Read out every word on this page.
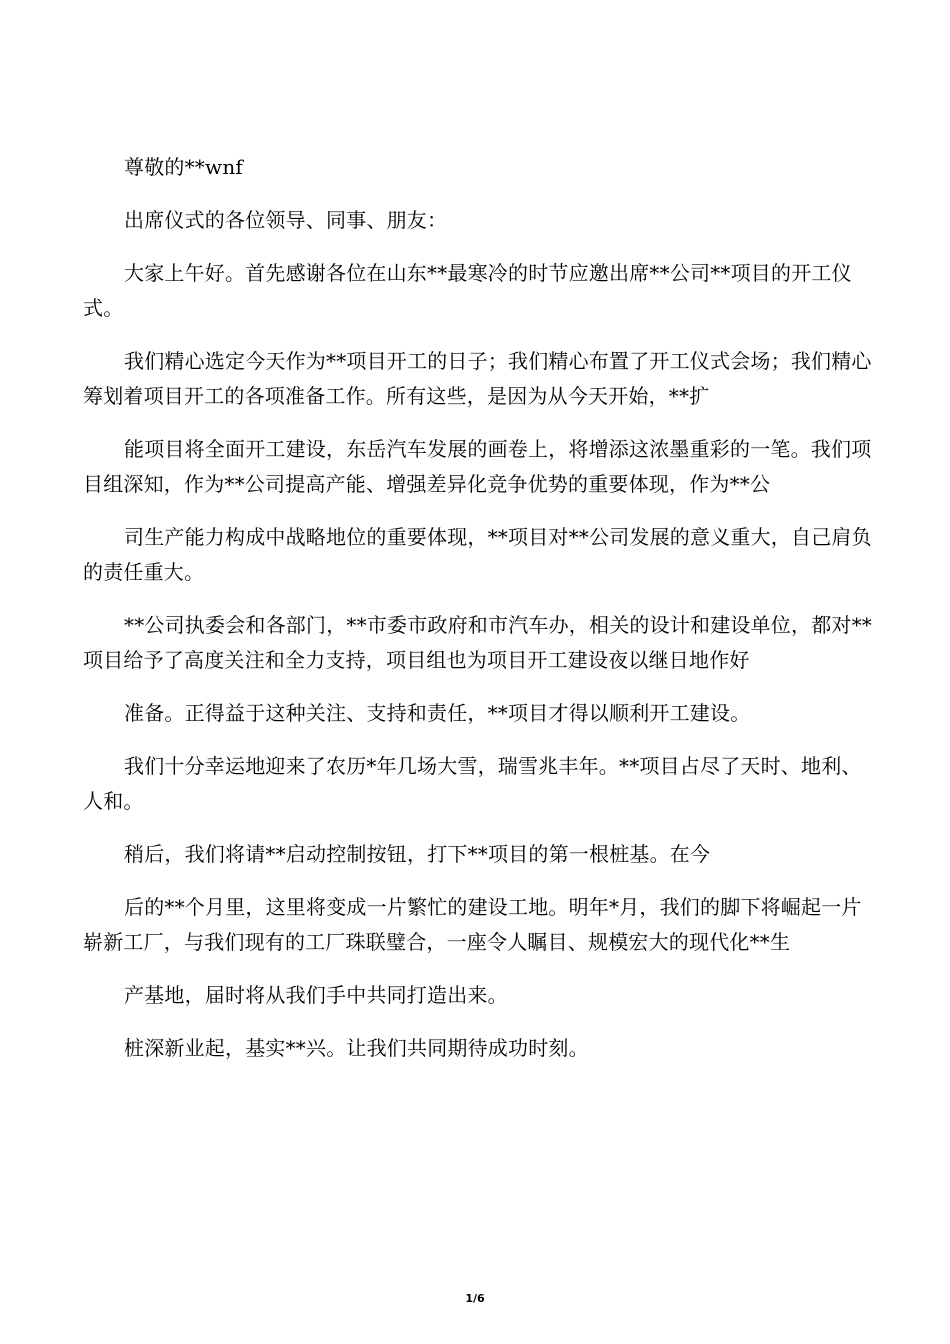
尊敬的**wnf

出席仪式的各位领导、同事、朋友：

大家上午好。首先感谢各位在山东**最寒冷的时节应邀出席**公司**项目的开工仪式。

我们精心选定今天作为**项目开工的日子；我们精心布置了开工仪式会场；我们精心筹划着项目开工的各项准备工作。所有这些，是因为从今天开始，**扩

能项目将全面开工建设，东岳汽车发展的画卷上，将增添这浓墨重彩的一笔。我们项目组深知，作为**公司提高产能、增强差异化竞争优势的重要体现，作为**公

司生产能力构成中战略地位的重要体现，**项目对**公司发展的意义重大，自己肩负的责任重大。

**公司执委会和各部门，**市委市政府和市汽车办，相关的设计和建设单位，都对**项目给予了高度关注和全力支持，项目组也为项目开工建设夜以继日地作好

准备。正得益于这种关注、支持和责任，**项目才得以顺利开工建设。

我们十分幸运地迎来了农历*年几场大雪，瑞雪兆丰年。**项目占尽了天时、地利、人和。

稍后，我们将请**启动控制按钮，打下**项目的第一根桩基。在今

后的**个月里，这里将变成一片繁忙的建设工地。明年*月，我们的脚下将崛起一片崭新工厂，与我们现有的工厂珠联璧合，一座令人瞩目、规模宏大的现代化**生

产基地，届时将从我们手中共同打造出来。

桩深新业起，基实**兴。让我们共同期待成功时刻。

1/6
